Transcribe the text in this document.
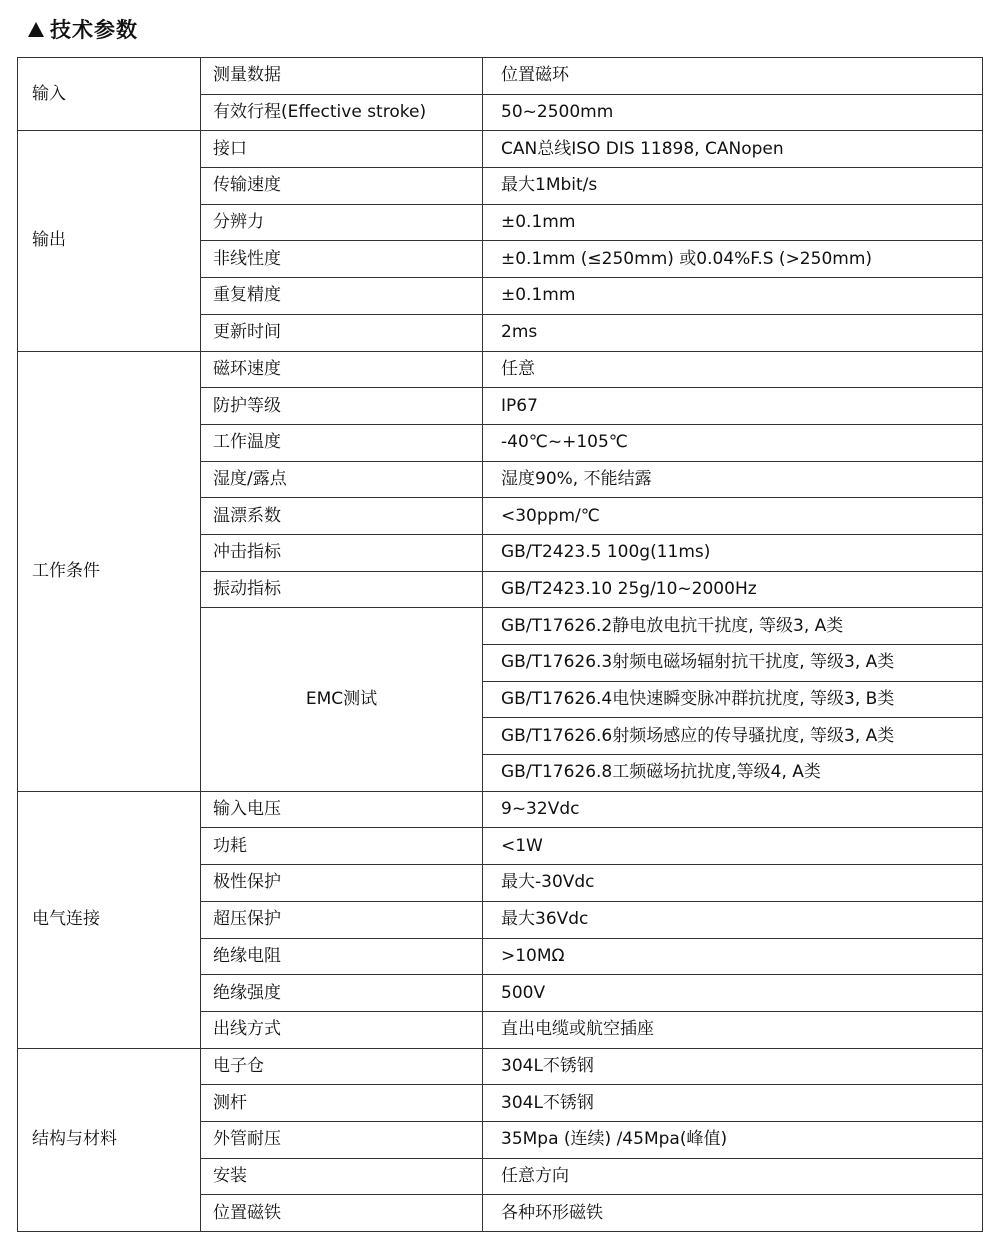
技术参数
输入	测量数据	位置磁环
	有效行程(Effective stroke)	50~2500mm
输出	接口	CAN总线ISO DIS 11898, CANopen
	传输速度	最大1Mbit/s
	分辨力	±0.1mm
	非线性度	±0.1mm (≤250mm) 或0.04%F.S (>250mm)
	重复精度	±0.1mm
	更新时间	2ms
工作条件	磁环速度	任意
	防护等级	IP67
	工作温度	-40℃~+105℃
	湿度/露点	湿度90%, 不能结露
	温漂系数	<30ppm/℃
	冲击指标	GB/T2423.5 100g(11ms)
	振动指标	GB/T2423.10 25g/10~2000Hz
	EMC测试	GB/T17626.2静电放电抗干扰度, 等级3, A类
		GB/T17626.3射频电磁场辐射抗干扰度, 等级3, A类
		GB/T17626.4电快速瞬变脉冲群抗扰度, 等级3, B类
		GB/T17626.6射频场感应的传导骚扰度, 等级3, A类
		GB/T17626.8工频磁场抗扰度,等级4, A类
电气连接	输入电压	9~32Vdc
	功耗	<1W
	极性保护	最大-30Vdc
	超压保护	最大36Vdc
	绝缘电阻	>10MΩ
	绝缘强度	500V
	出线方式	直出电缆或航空插座
结构与材料	电子仓	304L不锈钢
	测杆	304L不锈钢
	外管耐压	35Mpa (连续) /45Mpa(峰值)
	安装	任意方向
	位置磁铁	各种环形磁铁
